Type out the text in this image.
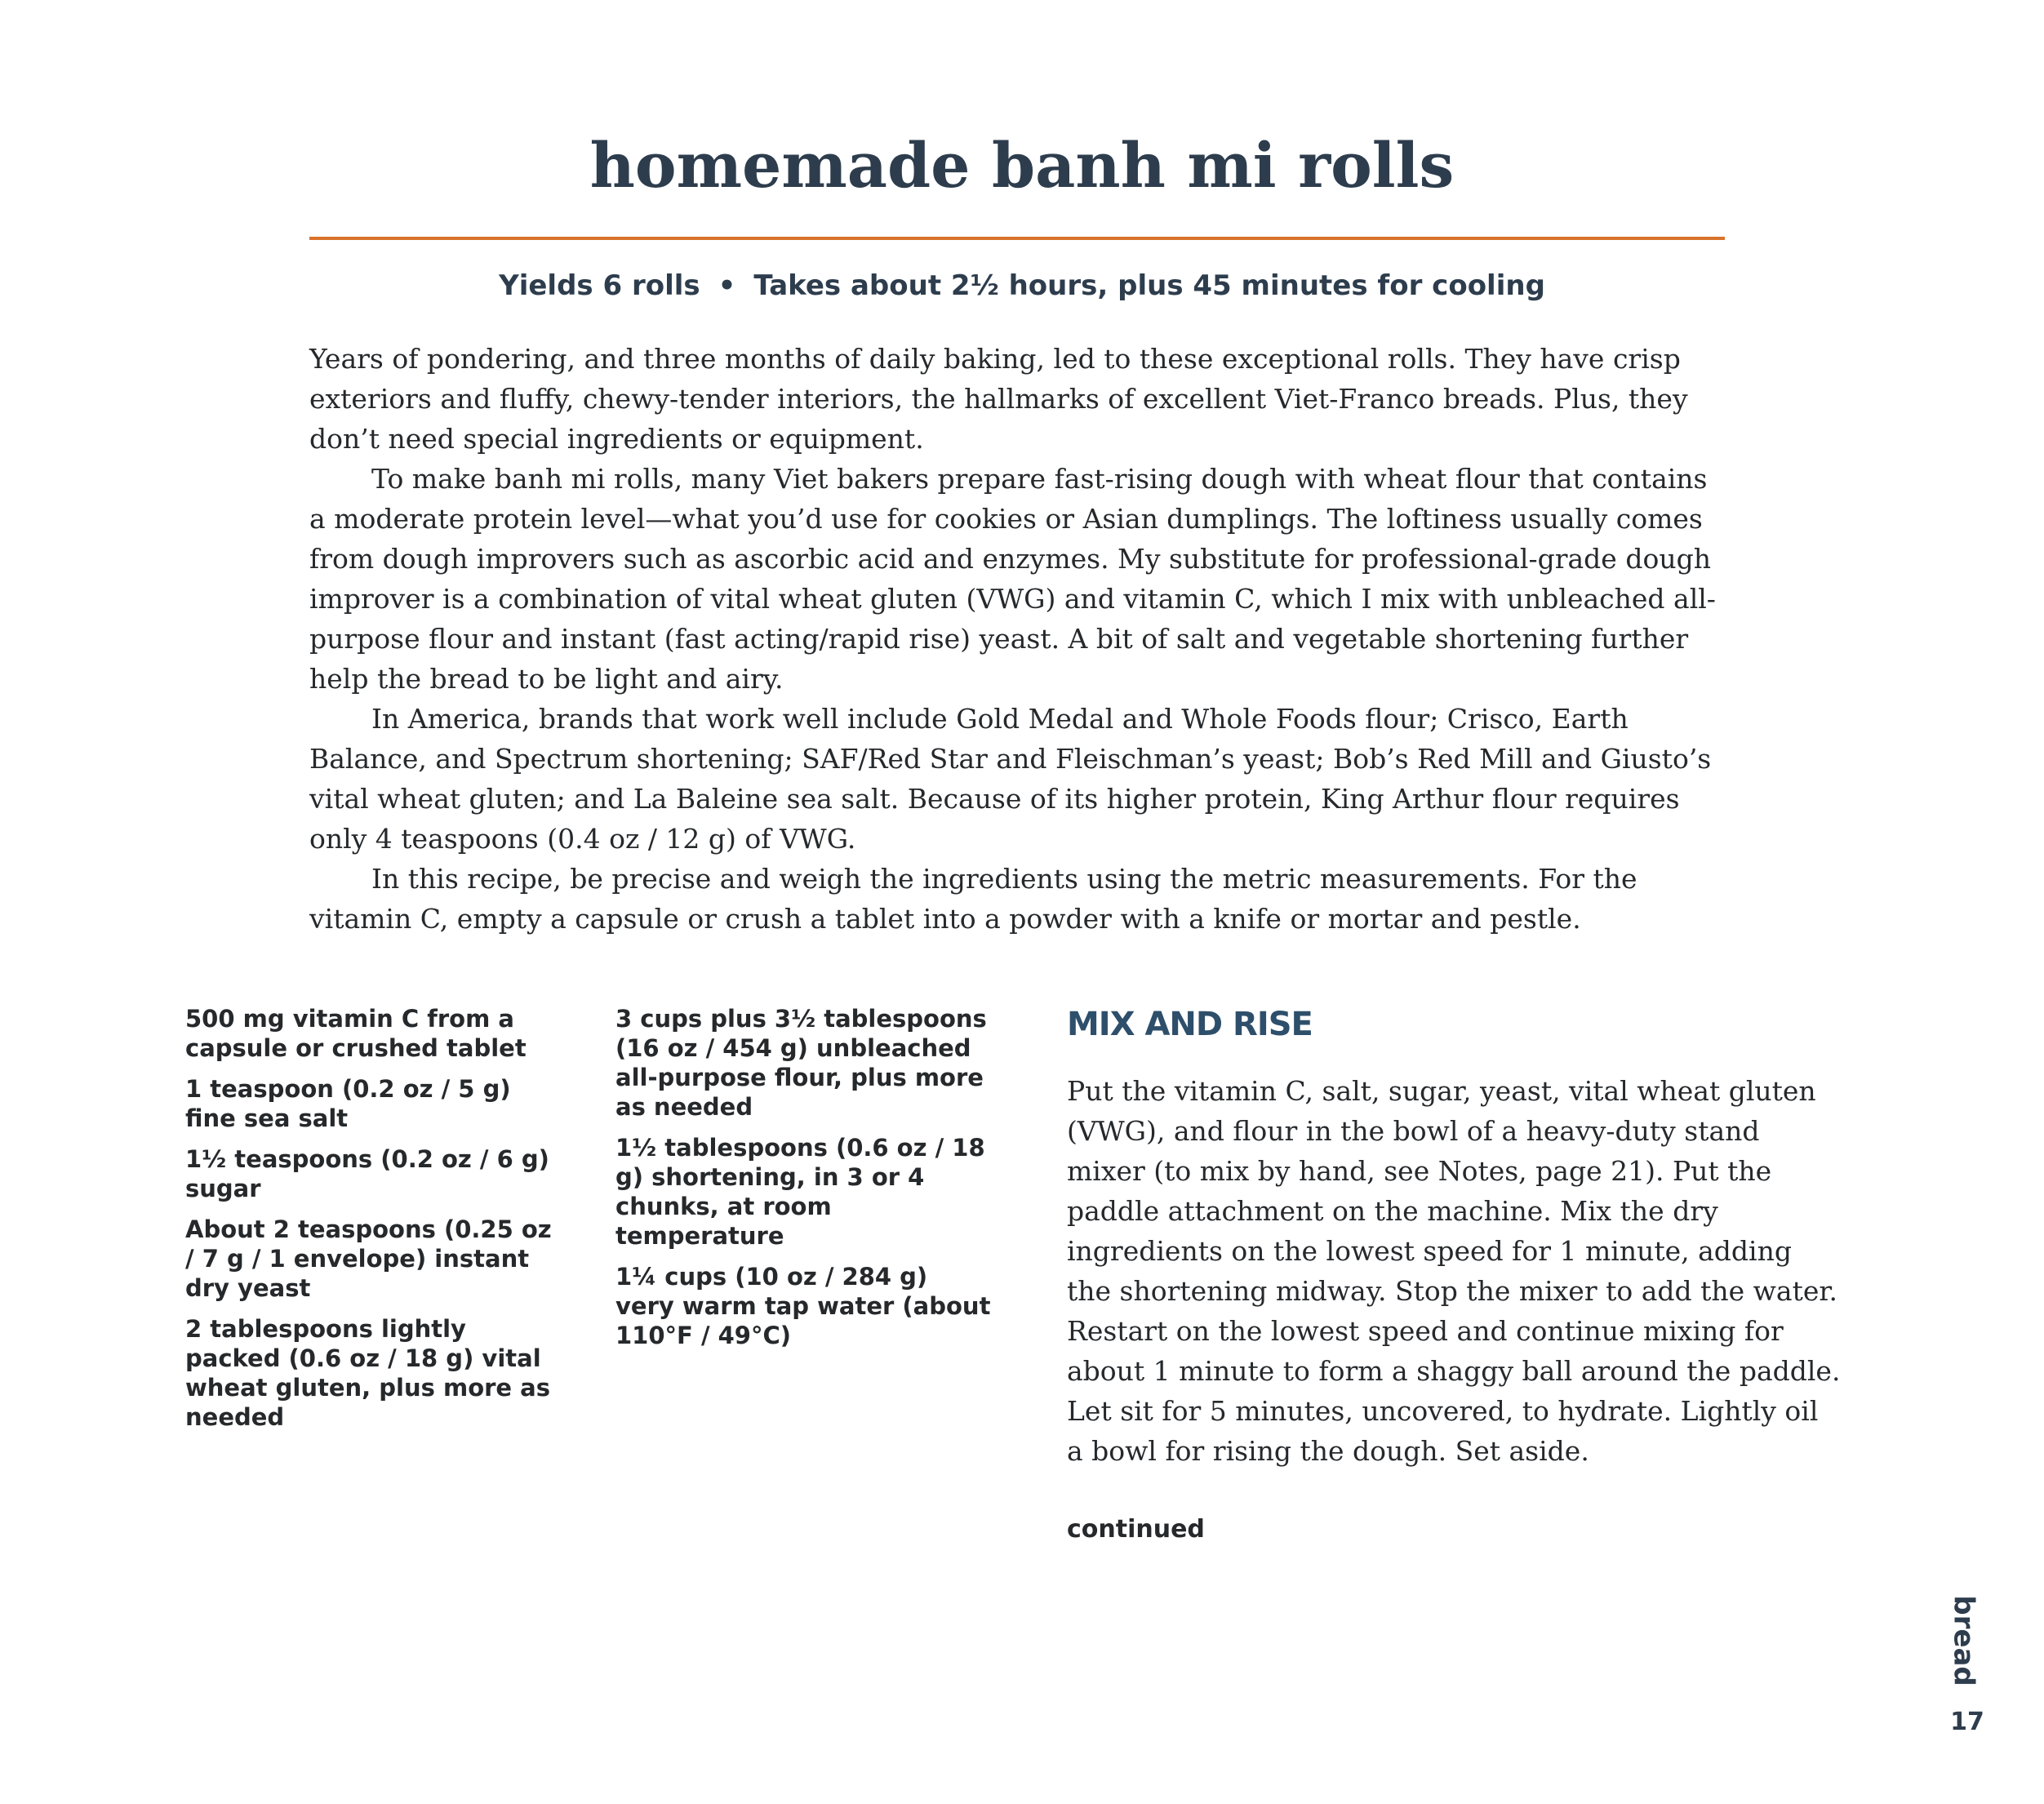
homemade banh mi rolls
Yields 6 rolls • Takes about 2½ hours, plus 45 minutes for cooling

Years of pondering, and three months of daily baking, led to these exceptional rolls. They have crisp exteriors and fluffy, chewy-tender interiors, the hallmarks of excellent Viet-Franco breads. Plus, they don’t need special ingredients or equipment.

To make banh mi rolls, many Viet bakers prepare fast-rising dough with wheat flour that contains a moderate protein level—what you’d use for cookies or Asian dumplings. The loftiness usually comes from dough improvers such as ascorbic acid and enzymes. My substitute for professional-grade dough improver is a combination of vital wheat gluten (VWG) and vitamin C, which I mix with unbleached all-purpose flour and instant (fast acting/rapid rise) yeast. A bit of salt and vegetable shortening further help the bread to be light and airy.

In America, brands that work well include Gold Medal and Whole Foods flour; Crisco, Earth Balance, and Spectrum shortening; SAF/Red Star and Fleischman’s yeast; Bob’s Red Mill and Giusto’s vital wheat gluten; and La Baleine sea salt. Because of its higher protein, King Arthur flour requires only 4 teaspoons (0.4 oz / 12 g) of VWG.

In this recipe, be precise and weigh the ingredients using the metric measurements. For the vitamin C, empty a capsule or crush a tablet into a powder with a knife or mortar and pestle.

500 mg vitamin C from a capsule or crushed tablet

1 teaspoon (0.2 oz / 5 g) fine sea salt

1½ teaspoons (0.2 oz / 6 g) sugar

About 2 teaspoons (0.25 oz / 7 g / 1 envelope) instant dry yeast

2 tablespoons lightly packed (0.6 oz / 18 g) vital wheat gluten, plus more as needed

3 cups plus 3½ tablespoons (16 oz / 454 g) unbleached all-purpose flour, plus more as needed

1½ tablespoons (0.6 oz / 18 g) shortening, in 3 or 4 chunks, at room temperature

1¼ cups (10 oz / 284 g) very warm tap water (about 110°F / 49°C)

MIX AND RISE

Put the vitamin C, salt, sugar, yeast, vital wheat gluten (VWG), and flour in the bowl of a heavy-duty stand mixer (to mix by hand, see Notes, page 21). Put the paddle attachment on the machine. Mix the dry ingredients on the lowest speed for 1 minute, adding the shortening midway. Stop the mixer to add the water. Restart on the lowest speed and continue mixing for about 1 minute to form a shaggy ball around the paddle. Let sit for 5 minutes, uncovered, to hydrate. Lightly oil a bowl for rising the dough. Set aside.

continued
bread
17
